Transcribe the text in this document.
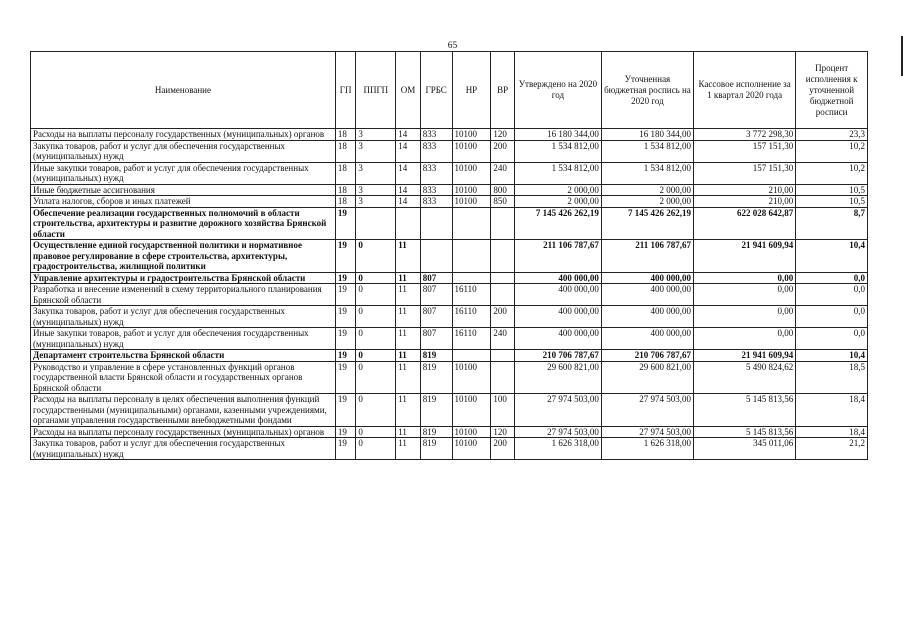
65
Наименование	ГП	ППГП	ОМ	ГРБС	НР	ВР	Утверждено на 2020 год	Уточненная бюджетная роспись на 2020 год	Кассовое исполнение за 1 квартал 2020 года	Процент исполнения к уточненной бюджетной росписи
Расходы на выплаты персоналу государственных (муниципальных) органов	18	3	14	833	10100	120	16 180 344,00	16 180 344,00	3 772 298,30	23,3
Закупка товаров, работ и услуг для обеспечения государственных (муниципальных) нужд	18	3	14	833	10100	200	1 534 812,00	1 534 812,00	157 151,30	10,2
Иные закупки товаров, работ и услуг для обеспечения государственных (муниципальных) нужд	18	3	14	833	10100	240	1 534 812,00	1 534 812,00	157 151,30	10,2
Иные бюджетные ассигнования	18	3	14	833	10100	800	2 000,00	2 000,00	210,00	10,5
Уплата налогов, сборов и иных платежей	18	3	14	833	10100	850	2 000,00	2 000,00	210,00	10,5
Обеспечение реализации государственных полномочий в области строительства, архитектуры и развитие дорожного хозяйства Брянской области	19						7 145 426 262,19	7 145 426 262,19	622 028 642,87	8,7
Осуществление единой государственной политики и нормативное правовое регулирование в сфере строительства, архитектуры, градостроительства, жилищной политики	19	0	11				211 106 787,67	211 106 787,67	21 941 609,94	10,4
Управление архитектуры и градостроительства Брянской области	19	0	11	807			400 000,00	400 000,00	0,00	0,0
Разработка и внесение изменений в схему территориального планирования Брянской области	19	0	11	807	16110		400 000,00	400 000,00	0,00	0,0
Закупка товаров, работ и услуг для обеспечения государственных (муниципальных) нужд	19	0	11	807	16110	200	400 000,00	400 000,00	0,00	0,0
Иные закупки товаров, работ и услуг для обеспечения государственных (муниципальных) нужд	19	0	11	807	16110	240	400 000,00	400 000,00	0,00	0,0
Департамент строительства Брянской области	19	0	11	819			210 706 787,67	210 706 787,67	21 941 609,94	10,4
Руководство и управление в сфере установленных функций органов государственной власти Брянской области и государственных органов Брянской области	19	0	11	819	10100		29 600 821,00	29 600 821,00	5 490 824,62	18,5
Расходы на выплаты персоналу в целях обеспечения выполнения функций государственными (муниципальными) органами, казенными учреждениями, органами управления государственными внебюджетными фондами	19	0	11	819	10100	100	27 974 503,00	27 974 503,00	5 145 813,56	18,4
Расходы на выплаты персоналу государственных (муниципальных) органов	19	0	11	819	10100	120	27 974 503,00	27 974 503,00	5 145 813,56	18,4
Закупка товаров, работ и услуг для обеспечения государственных (муниципальных) нужд	19	0	11	819	10100	200	1 626 318,00	1 626 318,00	345 011,06	21,2
